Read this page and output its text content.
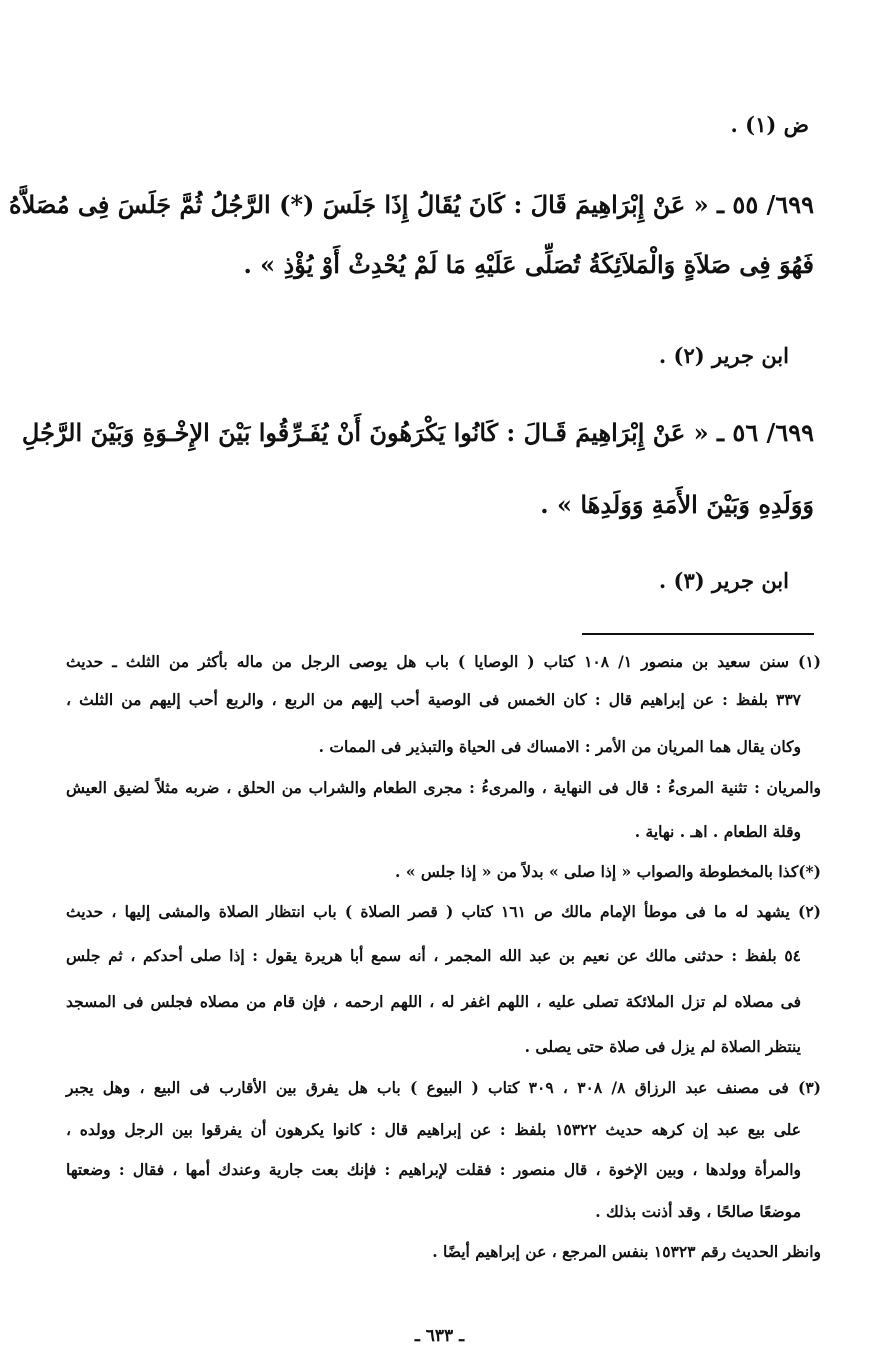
ض (١) .
٦٩٩/ ٥٥ ـ « عَنْ إِبْرَاهِيمَ قَالَ : كَانَ يُقَالُ إِذَا جَلَسَ (*) الرَّجُلُ ثُمَّ جَلَسَ فِى مُصَلاَّهُ
فَهُوَ فِى صَلاَةٍ وَالْمَلاَئِكَةُ تُصَلِّى عَلَيْهِ مَا لَمْ يُحْدِثْ أَوْ يُؤْذِ » .
ابن جرير (٢) .
٦٩٩/ ٥٦ ـ « عَنْ إِبْرَاهِيمَ قَـالَ : كَانُوا يَكْرَهُونَ أَنْ يُفَـرِّقُوا بَيْنَ الإِخْـوَةِ وَبَيْنَ الرَّجُلِ
وَوَلَدِهِ وَبَيْنَ الأَمَةِ وَوَلَدِهَا » .
ابن جرير (٣) .
(١) سنن سعيد بن منصور ١/ ١٠٨ كتاب ( الوصايا ) باب هل يوصى الرجل من ماله بأكثر من الثلث ـ حديث
٣٣٧ بلفظ : عن إبراهيم قال : كان الخمس فى الوصية أحب إليهم من الربع ، والربع أحب إليهم من الثلث ،
وكان يقال هما المريان من الأمر : الامساك فى الحياة والتبذير فى الممات .
والمريان : تثنية المرىءُ : قال فى النهاية ، والمرىءُ : مجرى الطعام والشراب من الحلق ، ضربه مثلاً لضيق العيش
وقلة الطعام . اهـ . نهاية .
(*)كذا بالمخطوطة والصواب « إذا صلى » بدلاً من « إذا جلس » .
(٢) يشهد له ما فى موطأ الإمام مالك ص ١٦١ كتاب ( قصر الصلاة ) باب انتظار الصلاة والمشى إليها ، حديث
٥٤ بلفظ : حدثنى مالك عن نعيم بن عبد الله المجمر ، أنه سمع أبا هريرة يقول : إذا صلى أحدكم ، ثم جلس
فى مصلاه لم تزل الملائكة تصلى عليه ، اللهم اغفر له ، اللهم ارحمه ، فإن قام من مصلاه فجلس فى المسجد
ينتظر الصلاة لم يزل فى صلاة حتى يصلى .
(٣) فى مصنف عبد الرزاق ٨/ ٣٠٨ ، ٣٠٩ كتاب ( البيوع ) باب هل يفرق بين الأقارب فى البيع ، وهل يجبر
على بيع عبد إن كرهه حديث ١٥٣٢٢ بلفظ : عن إبراهيم قال : كانوا يكرهون أن يفرقوا بين الرجل وولده ،
والمرأة وولدها ، وبين الإخوة ، قال منصور : فقلت لإبراهيم : فإنك بعت جارية وعندك أمها ، فقال : وضعتها
موضعًا صالحًا ، وقد أذنت بذلك .
وانظر الحديث رقم ١٥٣٢٣ بنفس المرجع ، عن إبراهيم أيضًا .
ـ ٦٣٣ ـ
